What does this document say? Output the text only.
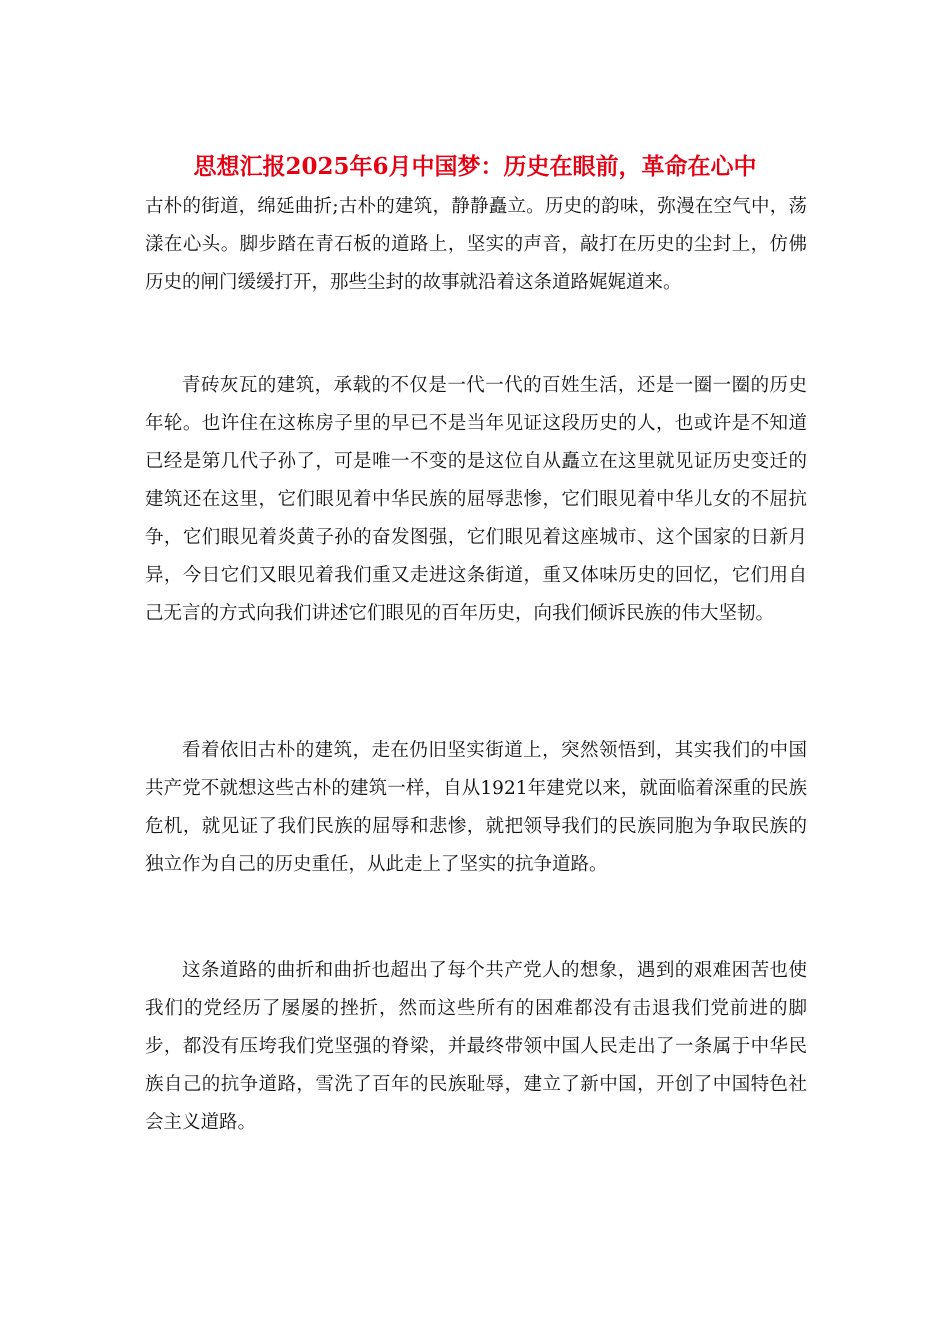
思想汇报2025年6月中国梦：历史在眼前，革命在心中

古朴的街道，绵延曲折;古朴的建筑，静静矗立。历史的韵味，弥漫在空气中，荡漾在心头。脚步踏在青石板的道路上，坚实的声音，敲打在历史的尘封上，仿佛历史的闸门缓缓打开，那些尘封的故事就沿着这条道路娓娓道来。

青砖灰瓦的建筑，承载的不仅是一代一代的百姓生活，还是一圈一圈的历史年轮。也许住在这栋房子里的早已不是当年见证这段历史的人，也或许是不知道已经是第几代子孙了，可是唯一不变的是这位自从矗立在这里就见证历史变迁的建筑还在这里，它们眼见着中华民族的屈辱悲惨，它们眼见着中华儿女的不屈抗争，它们眼见着炎黄子孙的奋发图强，它们眼见着这座城市、这个国家的日新月异，今日它们又眼见着我们重又走进这条街道，重又体味历史的回忆，它们用自己无言的方式向我们讲述它们眼见的百年历史，向我们倾诉民族的伟大坚韧。

看着依旧古朴的建筑，走在仍旧坚实街道上，突然领悟到，其实我们的中国共产党不就想这些古朴的建筑一样，自从1921年建党以来，就面临着深重的民族危机，就见证了我们民族的屈辱和悲惨，就把领导我们的民族同胞为争取民族的独立作为自己的历史重任，从此走上了坚实的抗争道路。

这条道路的曲折和曲折也超出了每个共产党人的想象，遇到的艰难困苦也使我们的党经历了屡屡的挫折，然而这些所有的困难都没有击退我们党前进的脚步，都没有压垮我们党坚强的脊梁，并最终带领中国人民走出了一条属于中华民族自己的抗争道路，雪洗了百年的民族耻辱，建立了新中国，开创了中国特色社会主义道路。
